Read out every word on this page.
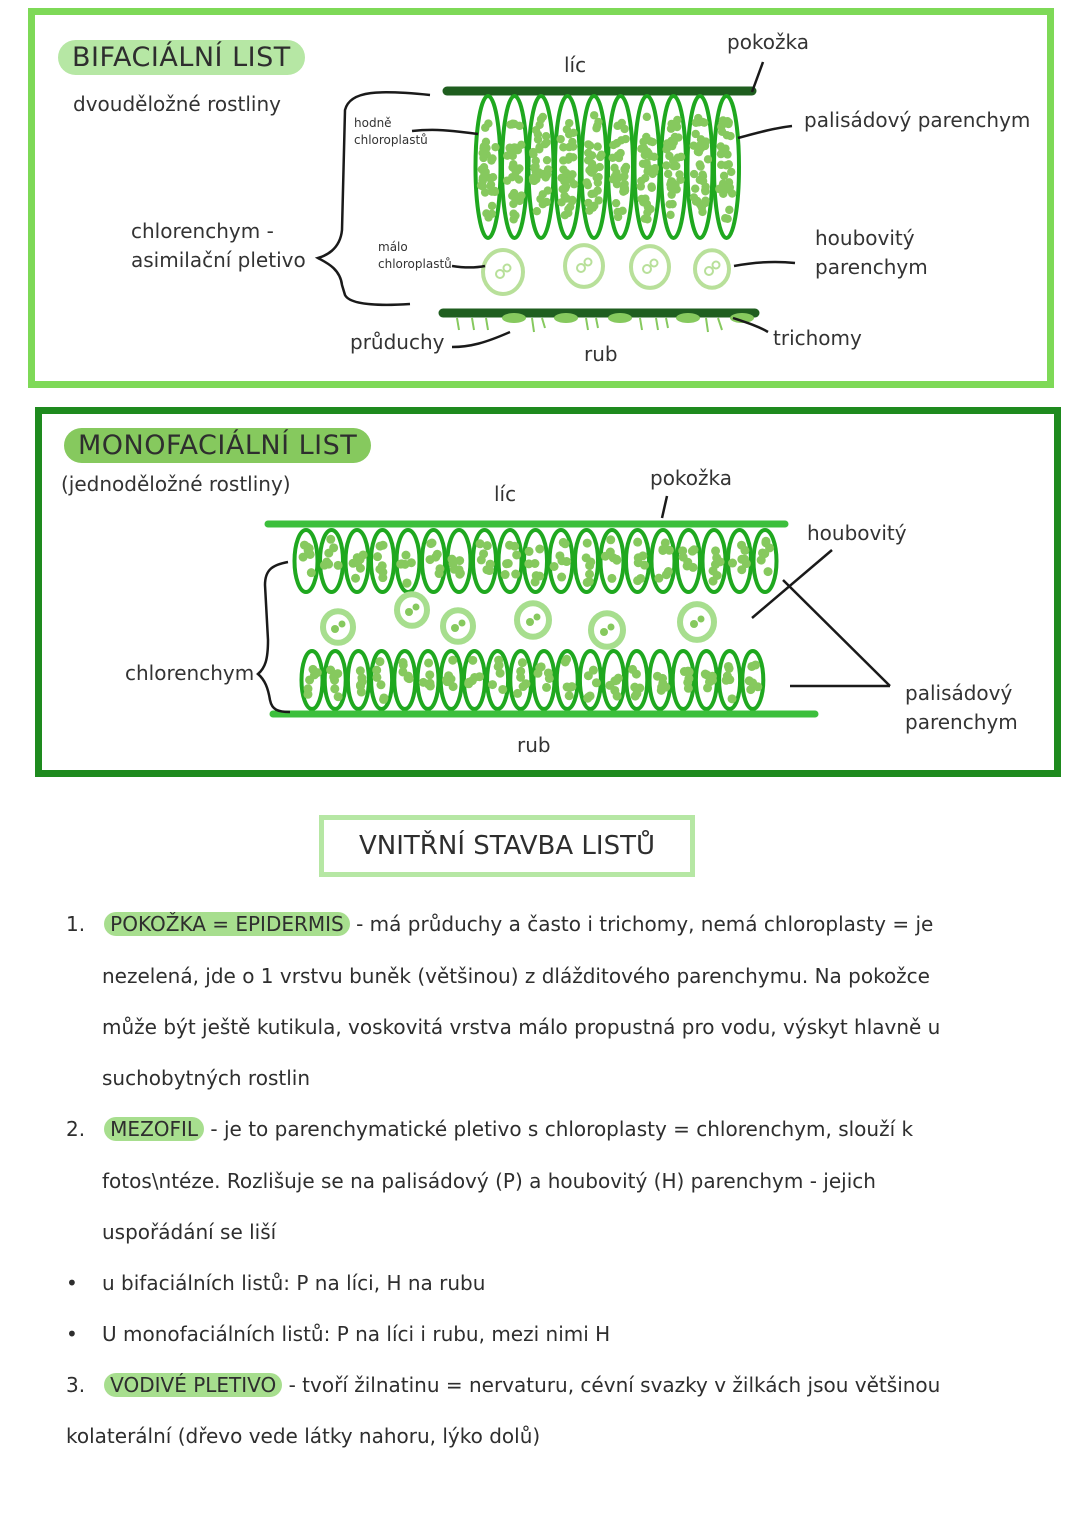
BIFACIÁLNÍ LIST
dvouděložné rostliny
líc
pokožka
palisádový parenchym
hodně
chloroplastů
málo
chloroplastů
chlorenchym -
asimilační pletivo
houbovitý
parenchym
průduchy	rub
trichomy
MONOFACIÁLNÍ LIST
(jednoděložné rostliny)	líc
pokožka
houbovitý
chlorenchym
palisádový
parenchym
rub
VNITŘNÍ STAVBA LISTŮ
1. POKOŽKA = EPIDERMIS - má průduchy a často i trichomy, nemá chloroplasty = je
nezelená, jde o 1 vrstvu buněk (většinou) z dlážditového parenchymu. Na pokožce
může být ještě kutikula, voskovitá vrstva málo propustná pro vodu, výskyt hlavně u
suchobytných rostlin
2. MEZOFIL - je to parenchymatické pletivo s chloroplasty = chlorenchym, slouží k
fotos\ntéze. Rozlišuje se na palisádový (P) a houbovitý (H) parenchym - jejich
uspořádání se liší
• u bifaciálních listů: P na líci, H na rubu
• U monofaciálních listů: P na líci i rubu, mezi nimi H
3. VODIVÉ PLETIVO - tvoří žilnatinu = nervaturu, cévní svazky v žilkách jsou většinou
kolaterální (dřevo vede látky nahoru, lýko dolů)
